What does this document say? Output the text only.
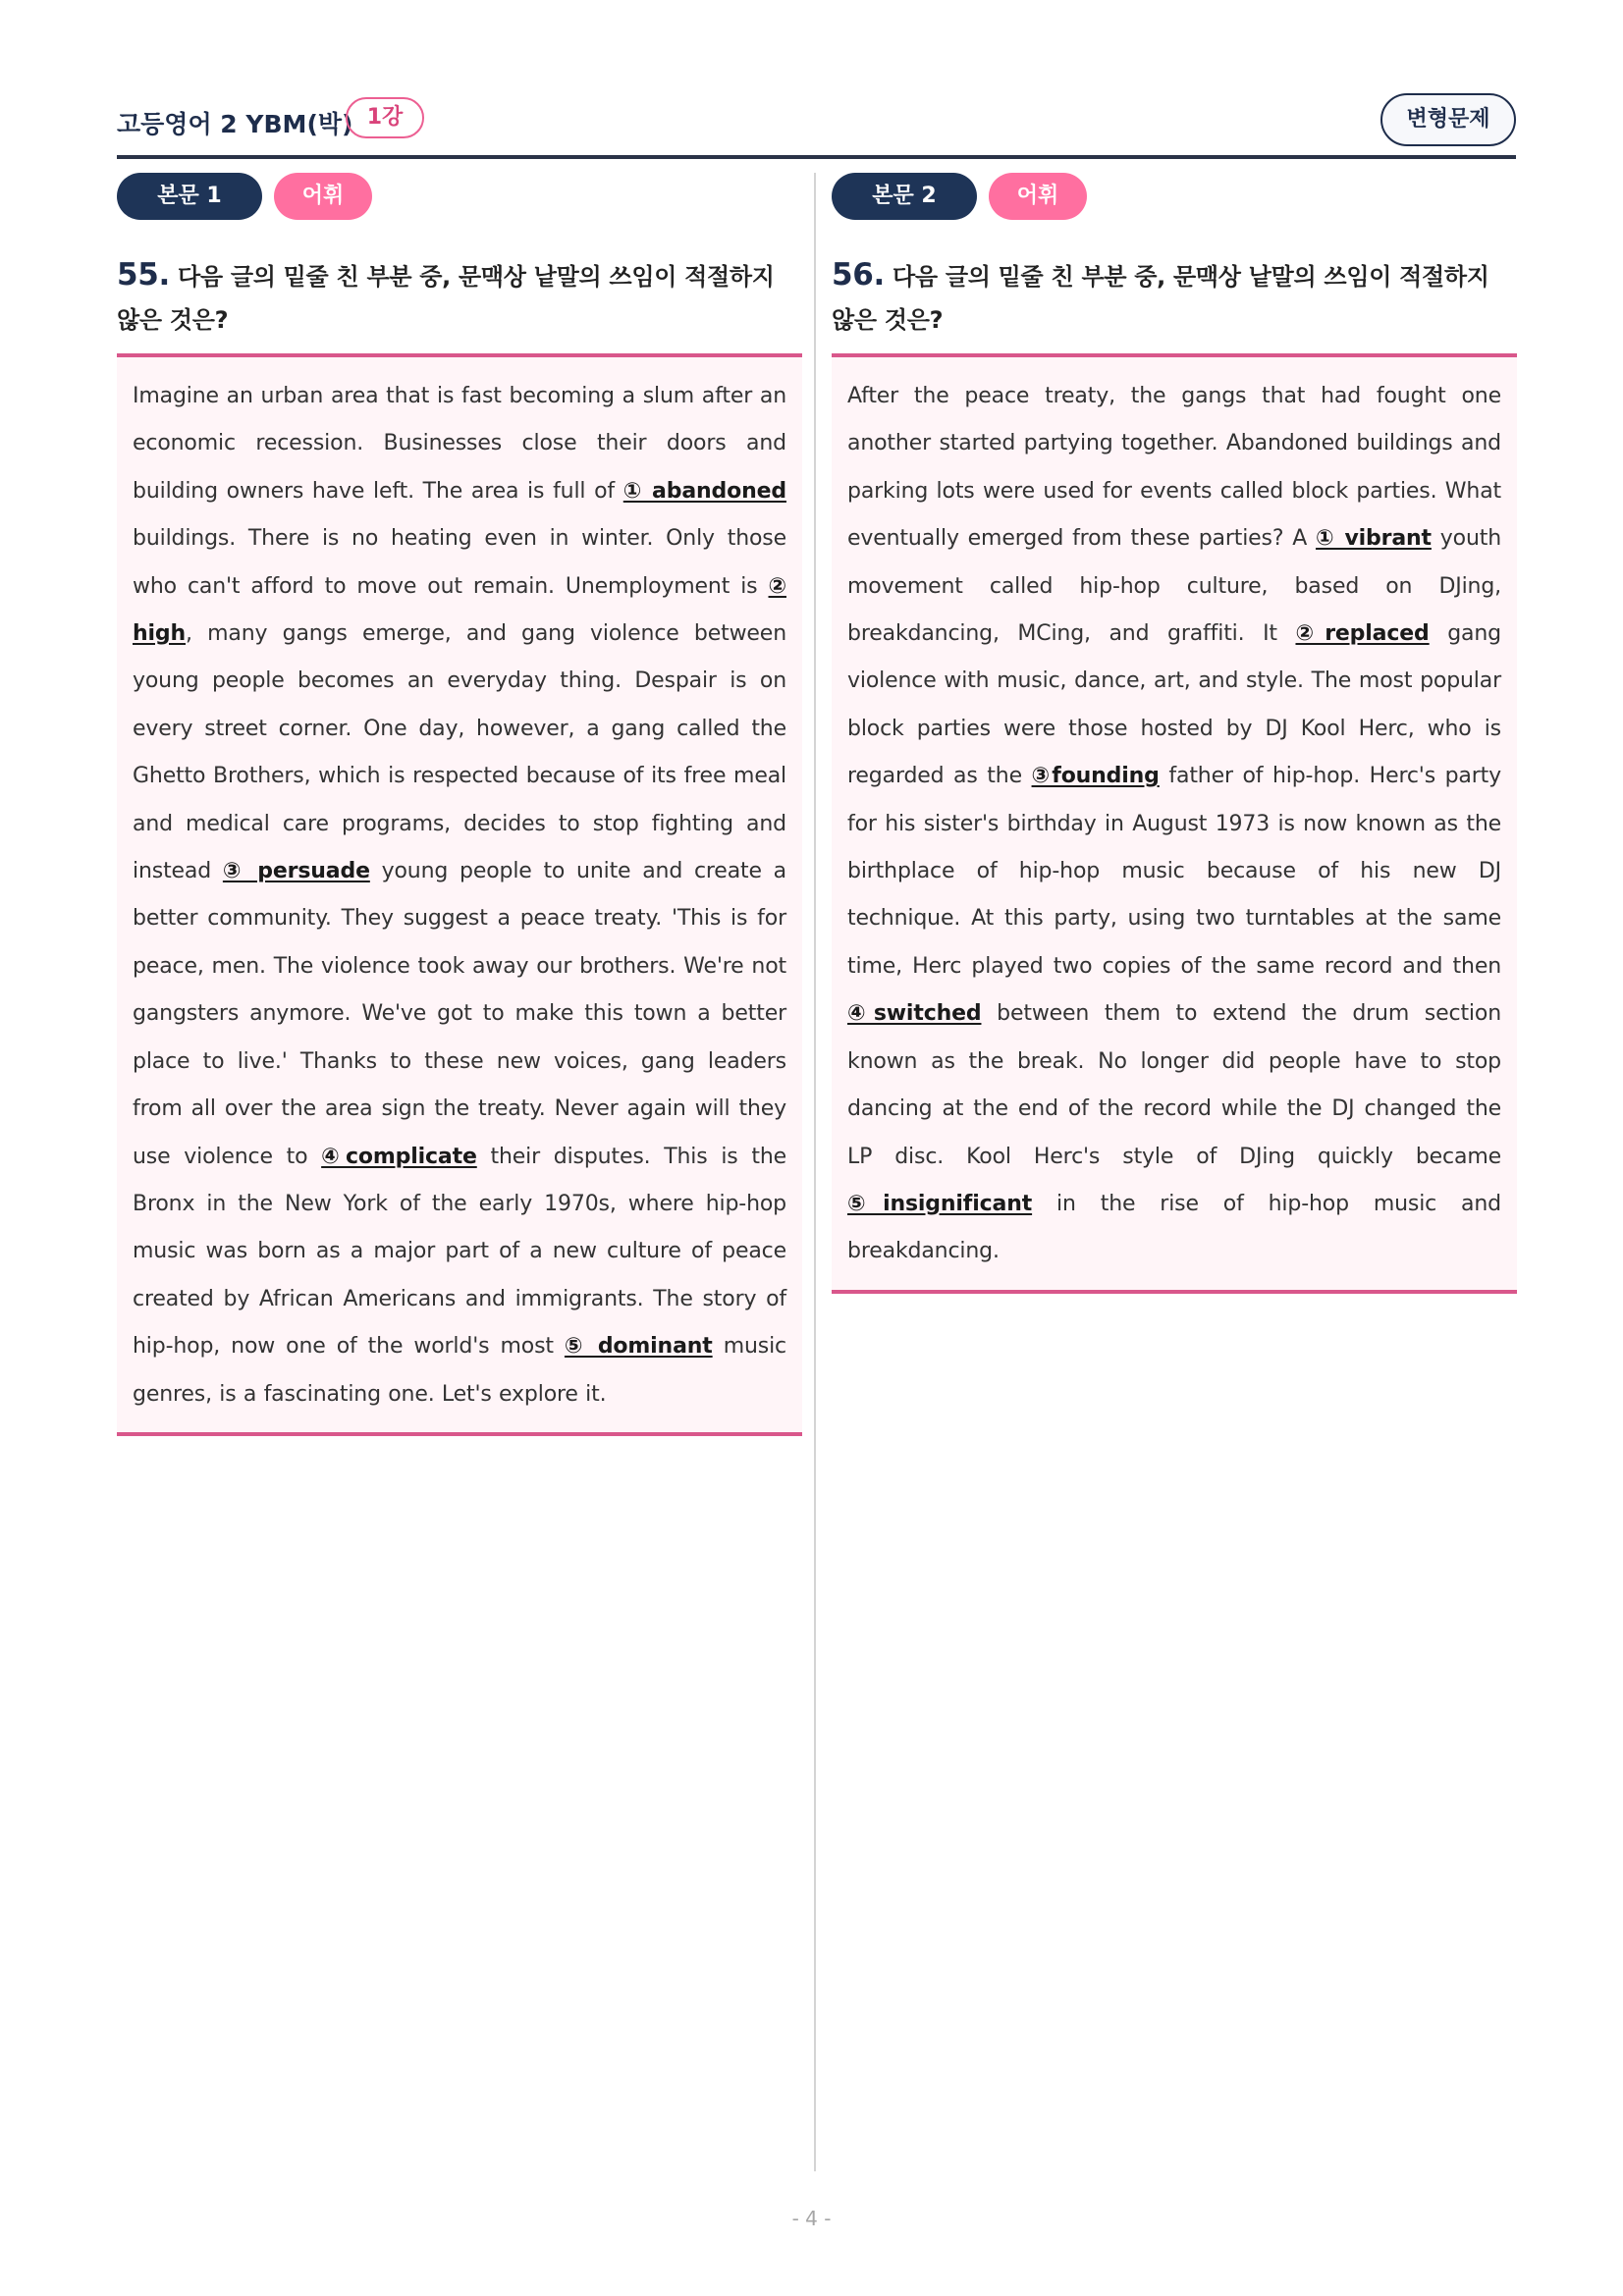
고등영어 2 YBM(박) 1강	변형문제
본문 1	어휘
55. 다음 글의 밑줄 친 부분 중, 문맥상 낱말의 쓰임이 적절하지 않은 것은?

Imagine an urban area that is fast becoming a slum after an economic recession. Businesses close their doors and building owners have left. The area is full of ① abandoned buildings. There is no heating even in winter. Only those who can't afford to move out remain. Unemployment is ② high, many gangs emerge, and gang violence between young people becomes an everyday thing. Despair is on every street corner. One day, however, a gang called the Ghetto Brothers, which is respected because of its free meal and medical care programs, decides to stop fighting and instead ③ persuade young people to unite and create a better community. They suggest a peace treaty. 'This is for peace, men. The violence took away our brothers. We're not gangsters anymore. We've got to make this town a better place to live.' Thanks to these new voices, gang leaders from all over the area sign the treaty. Never again will they use violence to ④complicate their disputes. This is the Bronx in the New York of the early 1970s, where hip-hop music was born as a major part of a new culture of peace created by African Americans and immigrants. The story of hip-hop, now one of the world's most ⑤ dominant music genres, is a fascinating one. Let's explore it.

본문 2	어휘
56. 다음 글의 밑줄 친 부분 중, 문맥상 낱말의 쓰임이 적절하지 않은 것은?

After the peace treaty, the gangs that had fought one another started partying together. Abandoned buildings and parking lots were used for events called block parties. What eventually emerged from these parties? A ① vibrant youth movement called hip-hop culture, based on DJing, breakdancing, MCing, and graffiti. It ②replaced gang violence with music, dance, art, and style. The most popular block parties were those hosted by DJ Kool Herc, who is regarded as the ③founding father of hip-hop. Herc's party for his sister's birthday in August 1973 is now known as the birthplace of hip-hop music because of his new DJ technique. At this party, using two turntables at the same time, Herc played two copies of the same record and then ④switched between them to extend the drum section known as the break. No longer did people have to stop dancing at the end of the record while the DJ changed the LP disc. Kool Herc's style of DJing quickly became ⑤insignificant in the rise of hip-hop music and breakdancing.

- 4 -
